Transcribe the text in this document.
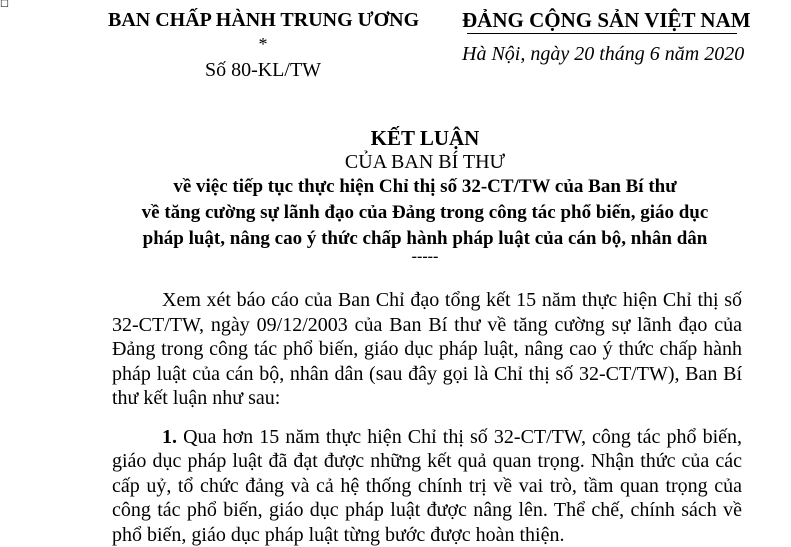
☐
BAN CHẤP HÀNH TRUNG ƯƠNG
*
Số 80-KL/TW
ĐẢNG CỘNG SẢN VIỆT NAM
Hà Nội, ngày 20 tháng 6 năm 2020
KẾT LUẬN
CỦA BAN BÍ THƯ
về việc tiếp tục thực hiện Chỉ thị số 32-CT/TW của Ban Bí thư
về tăng cường sự lãnh đạo của Đảng trong công tác phổ biến, giáo dục
pháp luật, nâng cao ý thức chấp hành pháp luật của cán bộ, nhân dân
-----

Xem xét báo cáo của Ban Chỉ đạo tổng kết 15 năm thực hiện Chỉ thị số 32-CT/TW, ngày 09/12/2003 của Ban Bí thư về tăng cường sự lãnh đạo của Đảng trong công tác phổ biến, giáo dục pháp luật, nâng cao ý thức chấp hành pháp luật của cán bộ, nhân dân (sau đây gọi là Chỉ thị số 32-CT/TW), Ban Bí thư kết luận như sau:

1. Qua hơn 15 năm thực hiện Chỉ thị số 32-CT/TW, công tác phổ biến, giáo dục pháp luật đã đạt được những kết quả quan trọng. Nhận thức của các cấp uỷ, tổ chức đảng và cả hệ thống chính trị về vai trò, tầm quan trọng của công tác phổ biến, giáo dục pháp luật được nâng lên. Thể chế, chính sách về phổ biến, giáo dục pháp luật từng bước được hoàn thiện.
